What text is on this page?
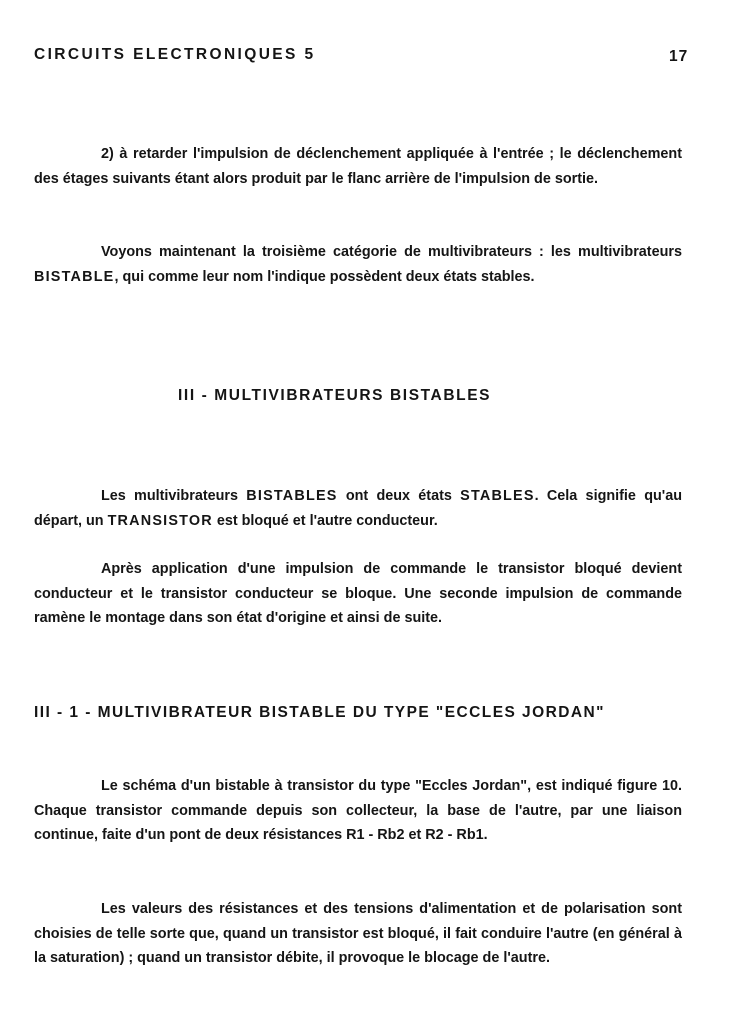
CIRCUITS ELECTRONIQUES 5	17

2) à retarder l'impulsion de déclenchement appliquée à l'entrée ; le déclenchement des étages suivants étant alors produit par le flanc arrière de l'impulsion de sortie.

Voyons maintenant la troisième catégorie de multivibrateurs : les multivibrateurs BISTABLE, qui comme leur nom l'indique possèdent deux états stables.

III - MULTIVIBRATEURS BISTABLES

Les multivibrateurs BISTABLES ont deux états STABLES. Cela signifie qu'au départ, un TRANSISTOR est bloqué et l'autre conducteur.

Après application d'une impulsion de commande le transistor bloqué devient conducteur et le transistor conducteur se bloque. Une seconde impulsion de commande ramène le montage dans son état d'origine et ainsi de suite.

III - 1 - MULTIVIBRATEUR BISTABLE DU TYPE "ECCLES JORDAN"

Le schéma d'un bistable à transistor du type "Eccles Jordan", est indiqué figure 10. Chaque transistor commande depuis son collecteur, la base de l'autre, par une liaison continue, faite d'un pont de deux résistances R1 - Rb2 et R2 - Rb1.

Les valeurs des résistances et des tensions d'alimentation et de polarisation sont choisies de telle sorte que, quand un transistor est bloqué, il fait conduire l'autre (en général à la saturation) ; quand un transistor débite, il provoque le blocage de l'autre.
